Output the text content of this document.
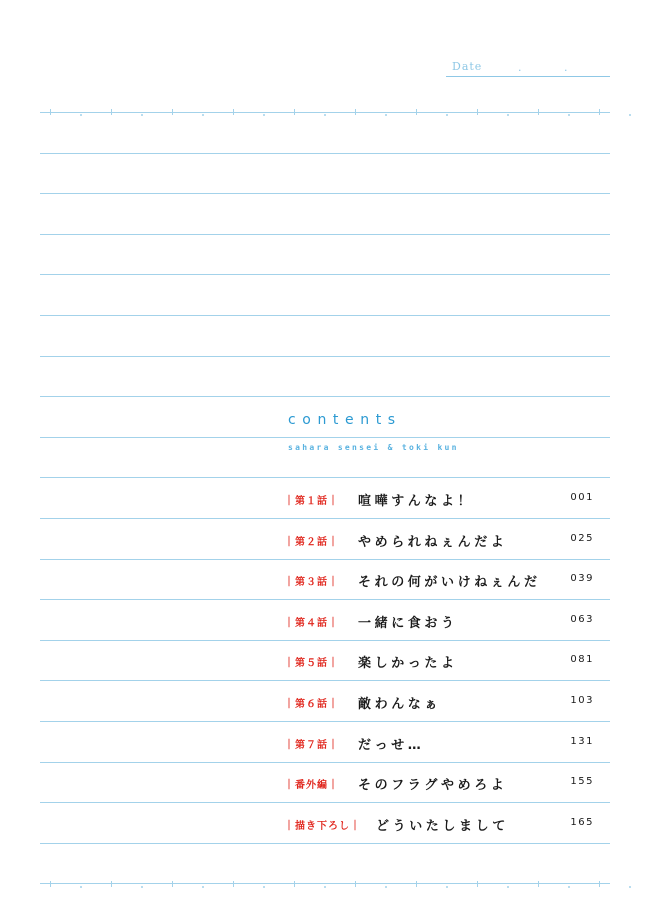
Date	.	.
contents
sahara sensei & toki kun
｜第１話｜ 喧嘩すんなよ！	001
｜第２話｜ やめられねぇんだよ	025
｜第３話｜ それの何がいけねぇんだ	039
｜第４話｜ 一緒に食おう	063
｜第５話｜ 楽しかったよ	081
｜第６話｜ 敵わんなぁ	103
｜第７話｜ だっせ…	131
｜番外編｜ そのフラグやめろよ	155
｜描き下ろし｜ どういたしまして	165
